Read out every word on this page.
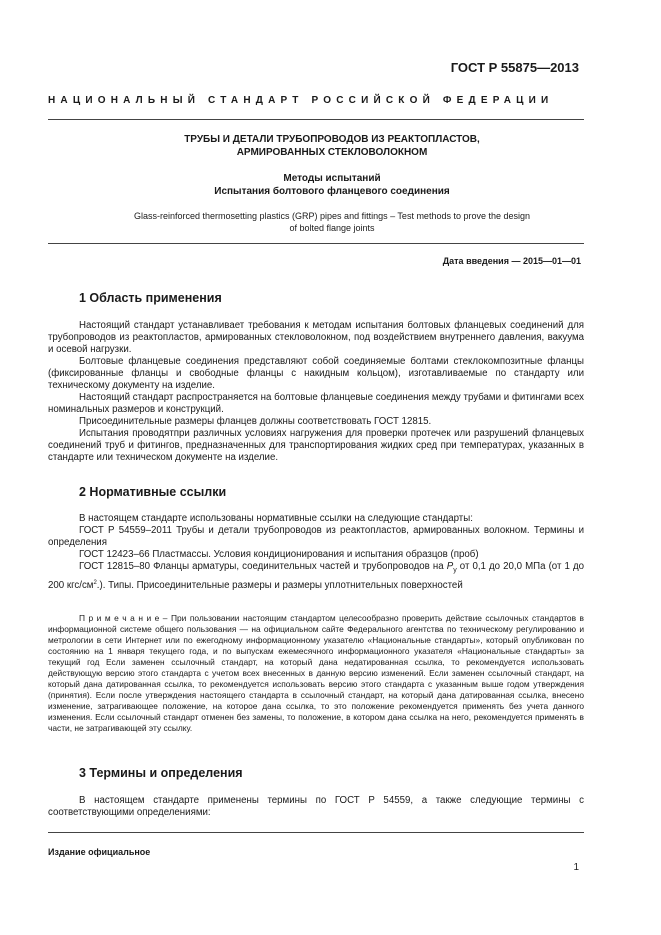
ГОСТ Р 55875—2013
НАЦИОНАЛЬНЫЙ СТАНДАРТ РОССИЙСКОЙ ФЕДЕРАЦИИ
ТРУБЫ И ДЕТАЛИ ТРУБОПРОВОДОВ ИЗ РЕАКТОПЛАСТОВ,
АРМИРОВАННЫХ СТЕКЛОВОЛОКНОМ
Методы испытаний
Испытания болтового фланцевого соединения
Glass-reinforced thermosetting plastics (GRP) pipes and fittings – Test methods to prove the design
of bolted flange joints
Дата введения — 2015—01—01
1 Область применения

Настоящий стандарт устанавливает требования к методам испытания болтовых фланцевых соединений для трубопроводов из реактопластов, армированных стекловолокном, под воздействием внутреннего давления, вакуума и осевой нагрузки.

Болтовые фланцевые соединения представляют собой соединяемые болтами стеклокомпозитные фланцы (фиксированные фланцы и свободные фланцы с накидным кольцом), изготавливаемые по стандарту или техническому документу на изделие.

Настоящий стандарт распространяется на болтовые фланцевые соединения между трубами и фитингами всех номинальных размеров и конструкций.

Присоединительные размеры фланцев должны соответствовать ГОСТ 12815.

Испытания проводятпри различных условиях нагружения для проверки протечек или разрушений фланцевых соединений труб и фитингов, предназначенных для транспортирования жидких сред при температурах, указанных в стандарте или техническом документе на изделие.

2 Нормативные ссылки

В настоящем стандарте использованы нормативные ссылки на следующие стандарты:

ГОСТ Р 54559–2011 Трубы и детали трубопроводов из реактопластов, армированных волокном. Термины и определения

ГОСТ 12423–66 Пластмассы. Условия кондиционирования и испытания образцов (проб)

ГОСТ 12815–80 Фланцы арматуры, соединительных частей и трубопроводов на $P_у$ от 0,1 до 20,0 МПа (от 1 до 200 кгс/$см^2$.). Типы. Присоединительные размеры и размеры уплотнительных поверхностей

П р и м е ч а н и е – При пользовании настоящим стандартом целесообразно проверить действие ссылочных стандартов в информационной системе общего пользования — на официальном сайте Федерального агентства по техническому регулированию и метрологии в сети Интернет или по ежегодному информационному указателю «Национальные стандарты», который опубликован по состоянию на 1 января текущего года, и по выпускам ежемесячного информационного указателя «Национальные стандарты» за текущий год Если заменен ссылочный стандарт, на который дана недатированная ссылка, то рекомендуется использовать действующую версию этого стандарта с учетом всех внесенных в данную версию изменений. Если заменен ссылочный стандарт, на который дана датированная ссылка, то рекомендуется использовать версию этого стандарта с указанным выше годом утверждения (принятия). Если после утверждения настоящего стандарта в ссылочный стандарт, на который дана датированная ссылка, внесено изменение, затрагивающее положение, на которое дана ссылка, то это положение рекомендуется применять без учета данного изменения. Если ссылочный стандарт отменен без замены, то положение, в котором дана ссылка на него, рекомендуется применять в части, не затрагивающей эту ссылку.

3 Термины и определения

В настоящем стандарте применены термины по ГОСТ Р 54559, а также следующие термины с соответствующими определениями:

Издание официальное
1
